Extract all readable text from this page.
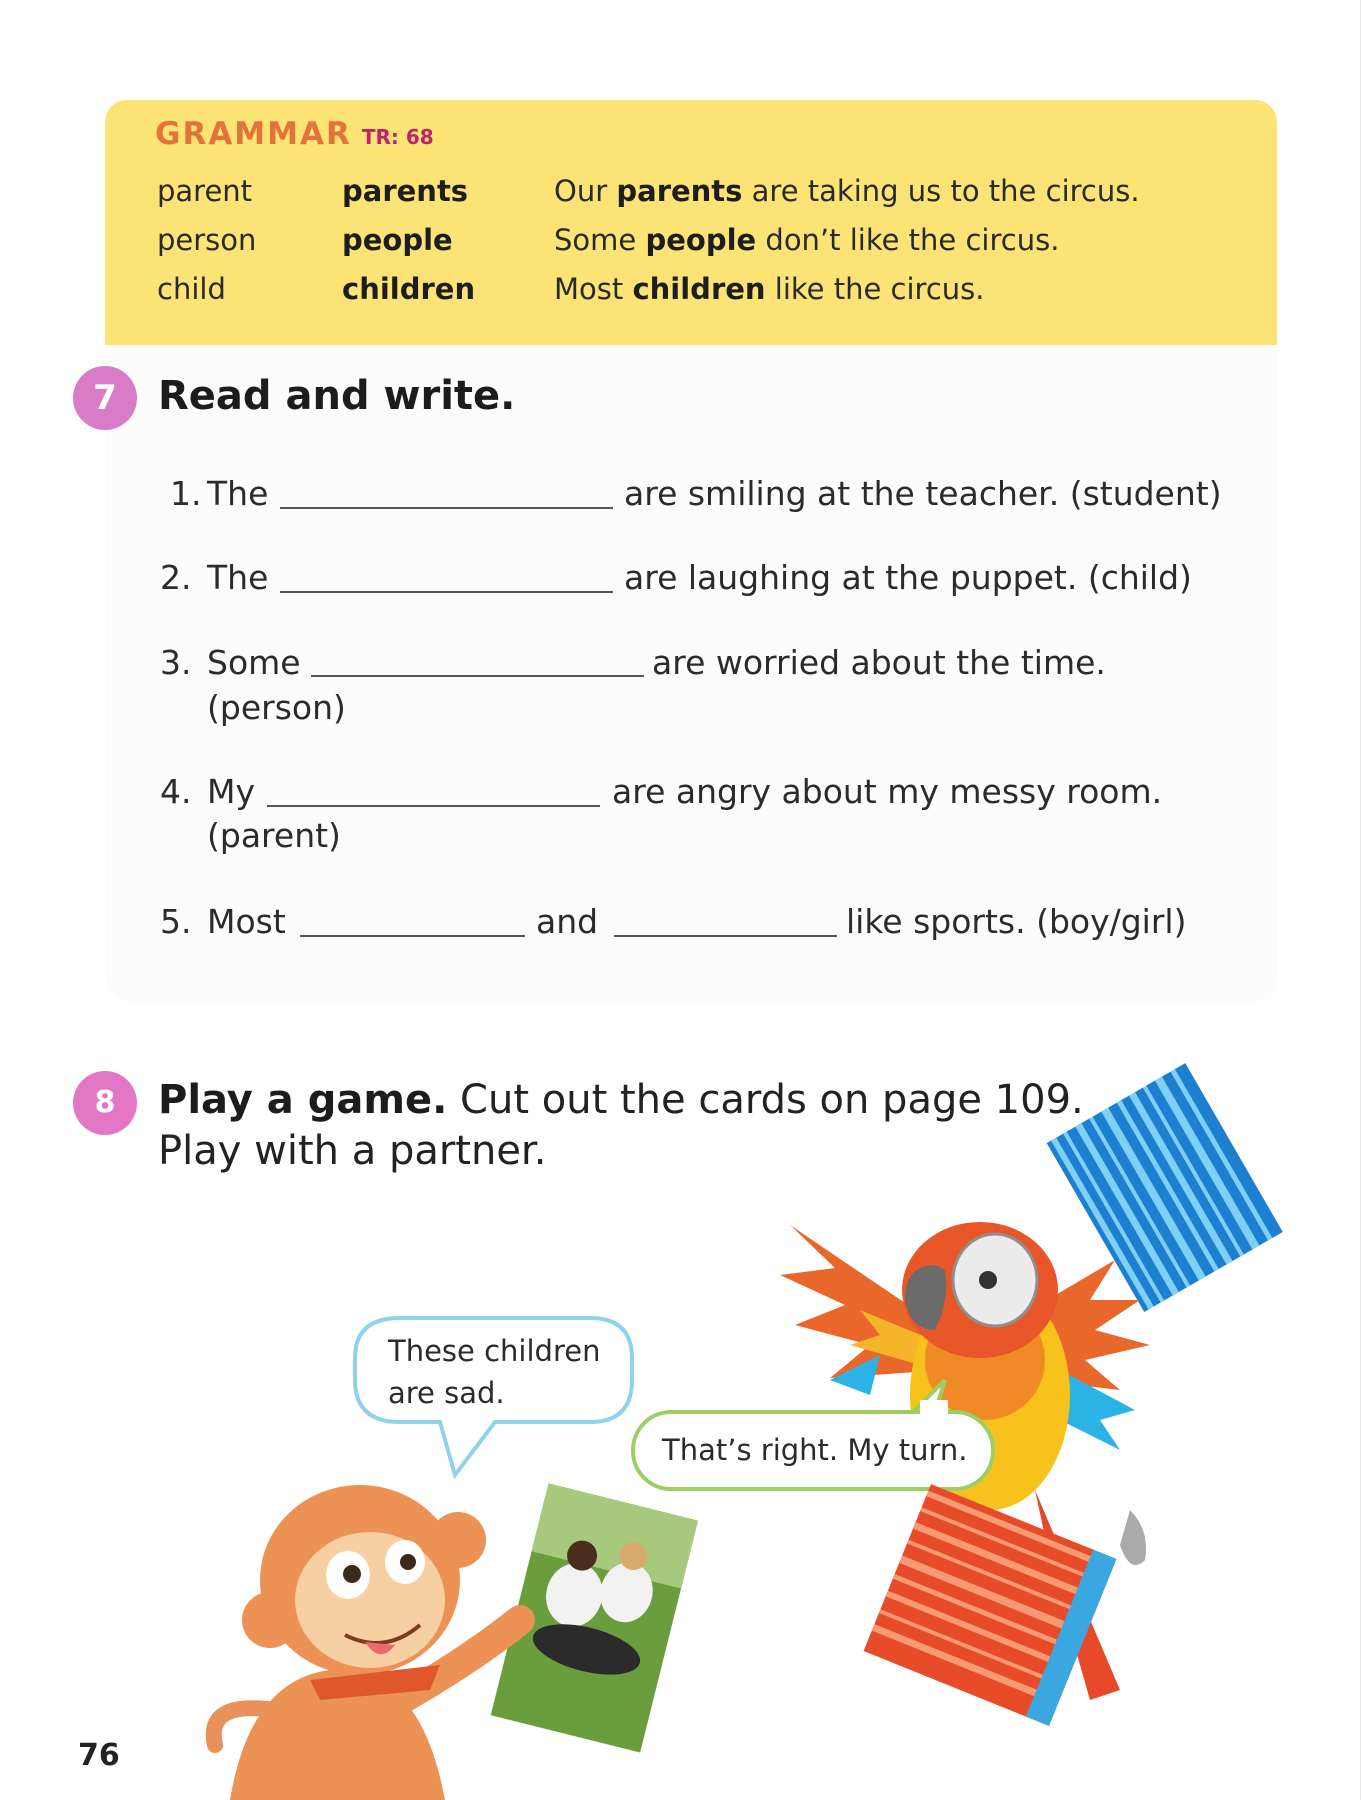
GRAMMAR TR: 68
parent	parents	Our parents are taking us to the circus.
person	people	Some people don’t like the circus.
child	children	Most children like the circus.
7	Read and write.
1. The	are smiling at the teacher. (student)
2. The	are laughing at the puppet. (child)
3. Some	are worried about the time.
(person)
4. My	are angry about my messy room.
(parent)
5. Most	and	like sports. (boy/girl)
8	Play a game. Cut out the cards on page 109.
Play with a partner.
These children
are sad.
That’s right. My turn.
76
